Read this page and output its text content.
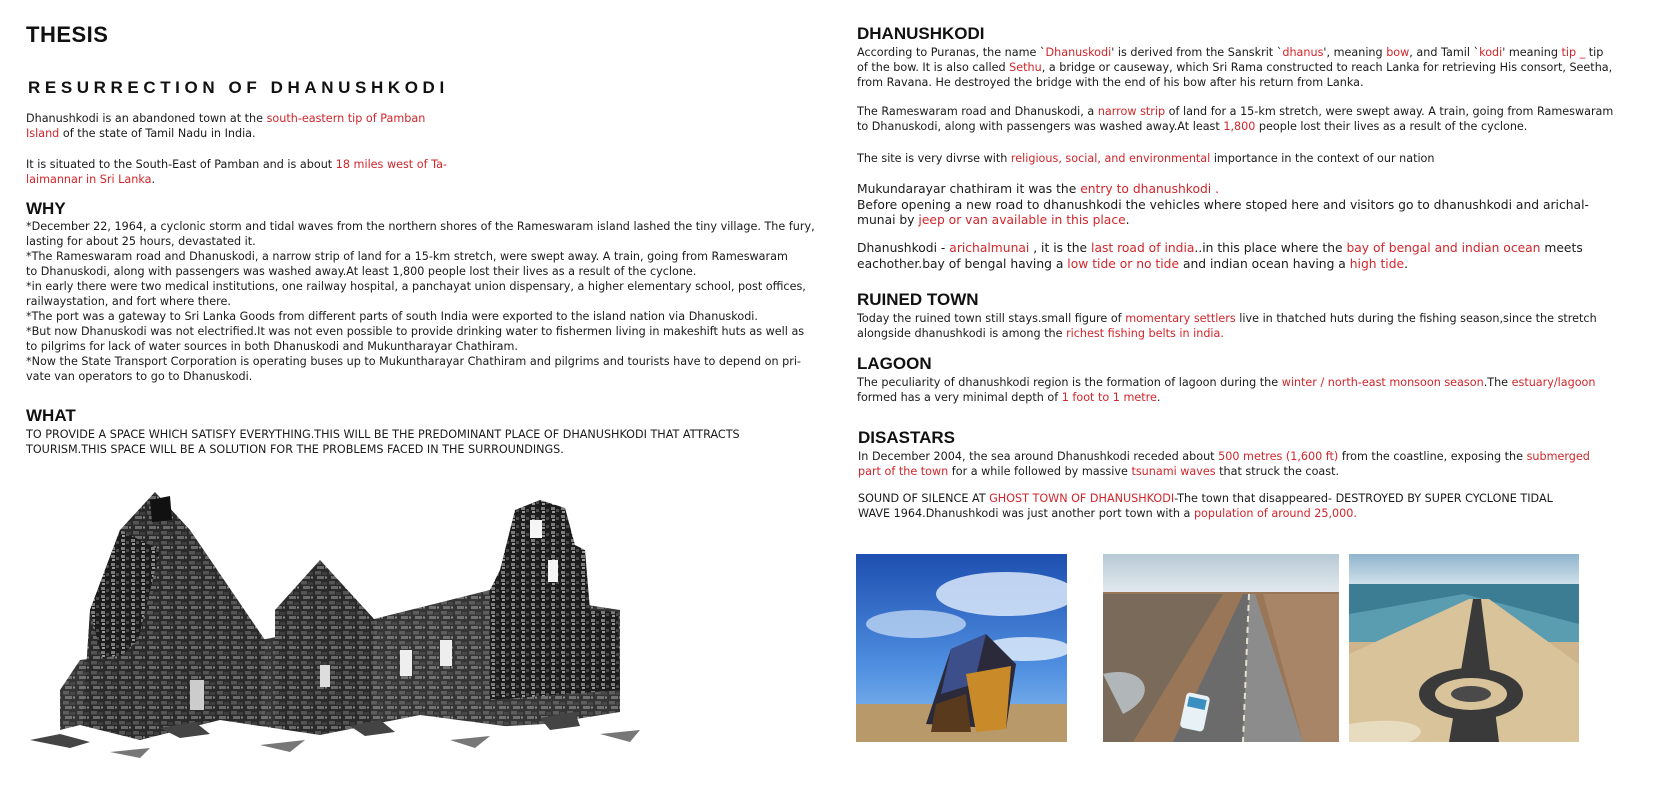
THESIS
RESURRECTION OF DHANUSHKODI
Dhanushkodi is an abandoned town at the south-eastern tip of Pamban
Island of the state of Tamil Nadu in India.
It is situated to the South-East of Pamban and is about 18 miles west of Ta-
laimannar in Sri Lanka.
WHY
*December 22, 1964, a cyclonic storm and tidal waves from the northern shores of the Rameswaram island lashed the tiny village. The fury,
lasting for about 25 hours, devastated it.
*The Rameswaram road and Dhanuskodi, a narrow strip of land for a 15-km stretch, were swept away. A train, going from Rameswaram
to Dhanuskodi, along with passengers was washed away.At least 1,800 people lost their lives as a result of the cyclone.
*in early there were two medical institutions, one railway hospital, a panchayat union dispensary, a higher elementary school, post offices,
railwaystation, and fort where there.
*The port was a gateway to Sri Lanka Goods from different parts of south India were exported to the island nation via Dhanuskodi.
*But now Dhanuskodi was not electrified.It was not even possible to provide drinking water to fishermen living in makeshift huts as well as
to pilgrims for lack of water sources in both Dhanuskodi and Mukuntharayar Chathiram.
*Now the State Transport Corporation is operating buses up to Mukuntharayar Chathiram and pilgrims and tourists have to depend on pri-
vate van operators to go to Dhanuskodi.
WHAT
TO PROVIDE A SPACE WHICH SATISFY EVERYTHING.THIS WILL BE THE PREDOMINANT PLACE OF DHANUSHKODI THAT ATTRACTS
TOURISM.THIS SPACE WILL BE A SOLUTION FOR THE PROBLEMS FACED IN THE SURROUNDINGS.
DHANUSHKODI
According to Puranas, the name `Dhanuskodi' is derived from the Sanskrit `dhanus', meaning bow, and Tamil `kodi' meaning tip _ tip
of the bow. It is also called Sethu, a bridge or causeway, which Sri Rama constructed to reach Lanka for retrieving His consort, Seetha,
from Ravana. He destroyed the bridge with the end of his bow after his return from Lanka.
The Rameswaram road and Dhanuskodi, a narrow strip of land for a 15-km stretch, were swept away. A train, going from Rameswaram
to Dhanuskodi, along with passengers was washed away.At least 1,800 people lost their lives as a result of the cyclone.
The site is very divrse with religious, social, and environmental importance in the context of our nation
Mukundarayar chathiram it was the entry to dhanushkodi .
Before opening a new road to dhanushkodi the vehicles where stoped here and visitors go to dhanushkodi and arichal-
munai by jeep or van available in this place.
Dhanushkodi - arichalmunai , it is the last road of india..in this place where the bay of bengal and indian ocean meets
eachother.bay of bengal having a low tide or no tide and indian ocean having a high tide.
RUINED TOWN
Today the ruined town still stays.small figure of momentary settlers live in thatched huts during the fishing season,since the stretch
alongside dhanushkodi is among the richest fishing belts in india.
LAGOON
The peculiarity of dhanushkodi region is the formation of lagoon during the winter / north-east monsoon season.The estuary/lagoon
formed has a very minimal depth of 1 foot to 1 metre.
DISASTARS
In December 2004, the sea around Dhanushkodi receded about 500 metres (1,600 ft) from the coastline, exposing the submerged
part of the town for a while followed by massive tsunami waves that struck the coast.
SOUND OF SILENCE AT GHOST TOWN OF DHANUSHKODI-The town that disappeared- DESTROYED BY SUPER CYCLONE TIDAL
WAVE 1964.Dhanushkodi was just another port town with a population of around 25,000.
